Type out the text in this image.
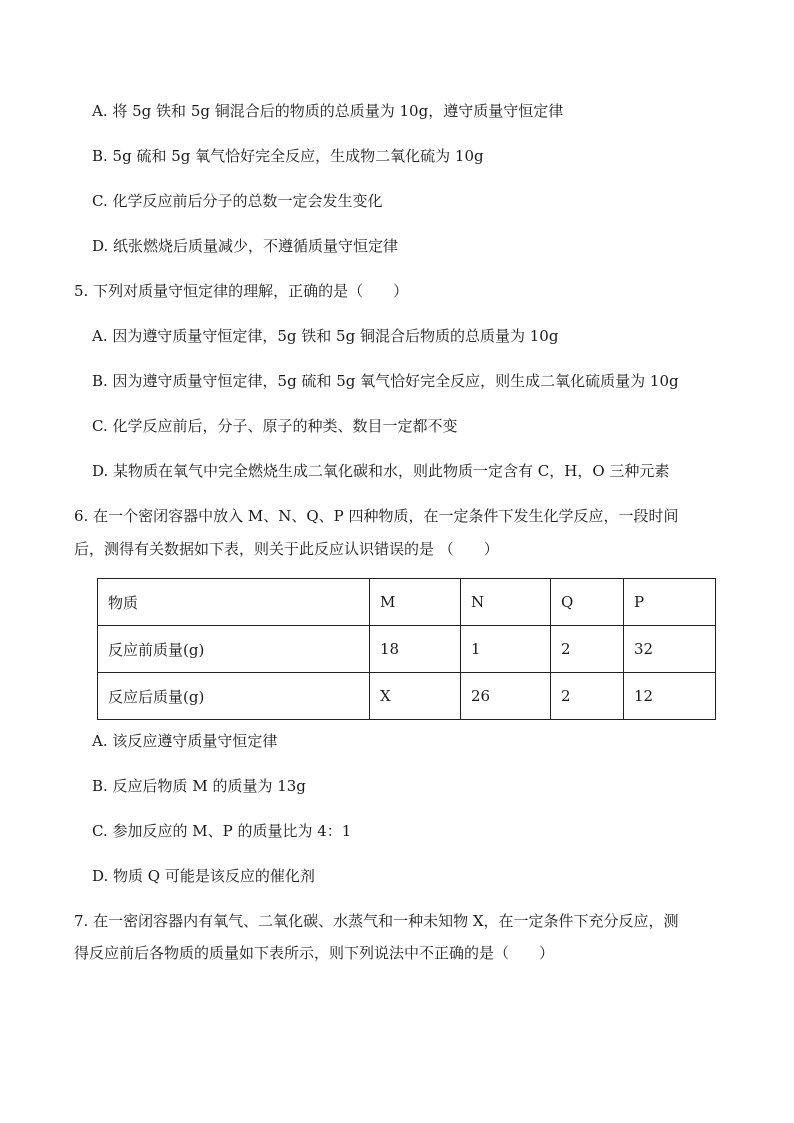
A. 将 5g 铁和 5g 铜混合后的物质的总质量为 10g，遵守质量守恒定律
B. 5g 硫和 5g 氧气恰好完全反应，生成物二氧化硫为 10g
C. 化学反应前后分子的总数一定会发生变化
D. 纸张燃烧后质量减少，不遵循质量守恒定律
5. 下列对质量守恒定律的理解，正确的是（　　）
A. 因为遵守质量守恒定律，5g 铁和 5g 铜混合后物质的总质量为 10g
B. 因为遵守质量守恒定律，5g 硫和 5g 氧气恰好完全反应，则生成二氧化硫质量为 10g
C. 化学反应前后，分子、原子的种类、数目一定都不变
D. 某物质在氧气中完全燃烧生成二氧化碳和水，则此物质一定含有 C，H，O 三种元素
6. 在一个密闭容器中放入 M、N、Q、P 四种物质，在一定条件下发生化学反应，一段时间
后，测得有关数据如下表，则关于此反应认识错误的是 （　　）
物质	M	N	Q	P
反应前质量(g)	18	1	2	32
反应后质量(g)	X	26	2	12
A. 该反应遵守质量守恒定律
B. 反应后物质 M 的质量为 13g
C. 参加反应的 M、P 的质量比为 4：1
D. 物质 Q 可能是该反应的催化剂
7. 在一密闭容器内有氧气、二氧化碳、水蒸气和一种未知物 X，在一定条件下充分反应，测
得反应前后各物质的质量如下表所示，则下列说法中不正确的是（　　）
